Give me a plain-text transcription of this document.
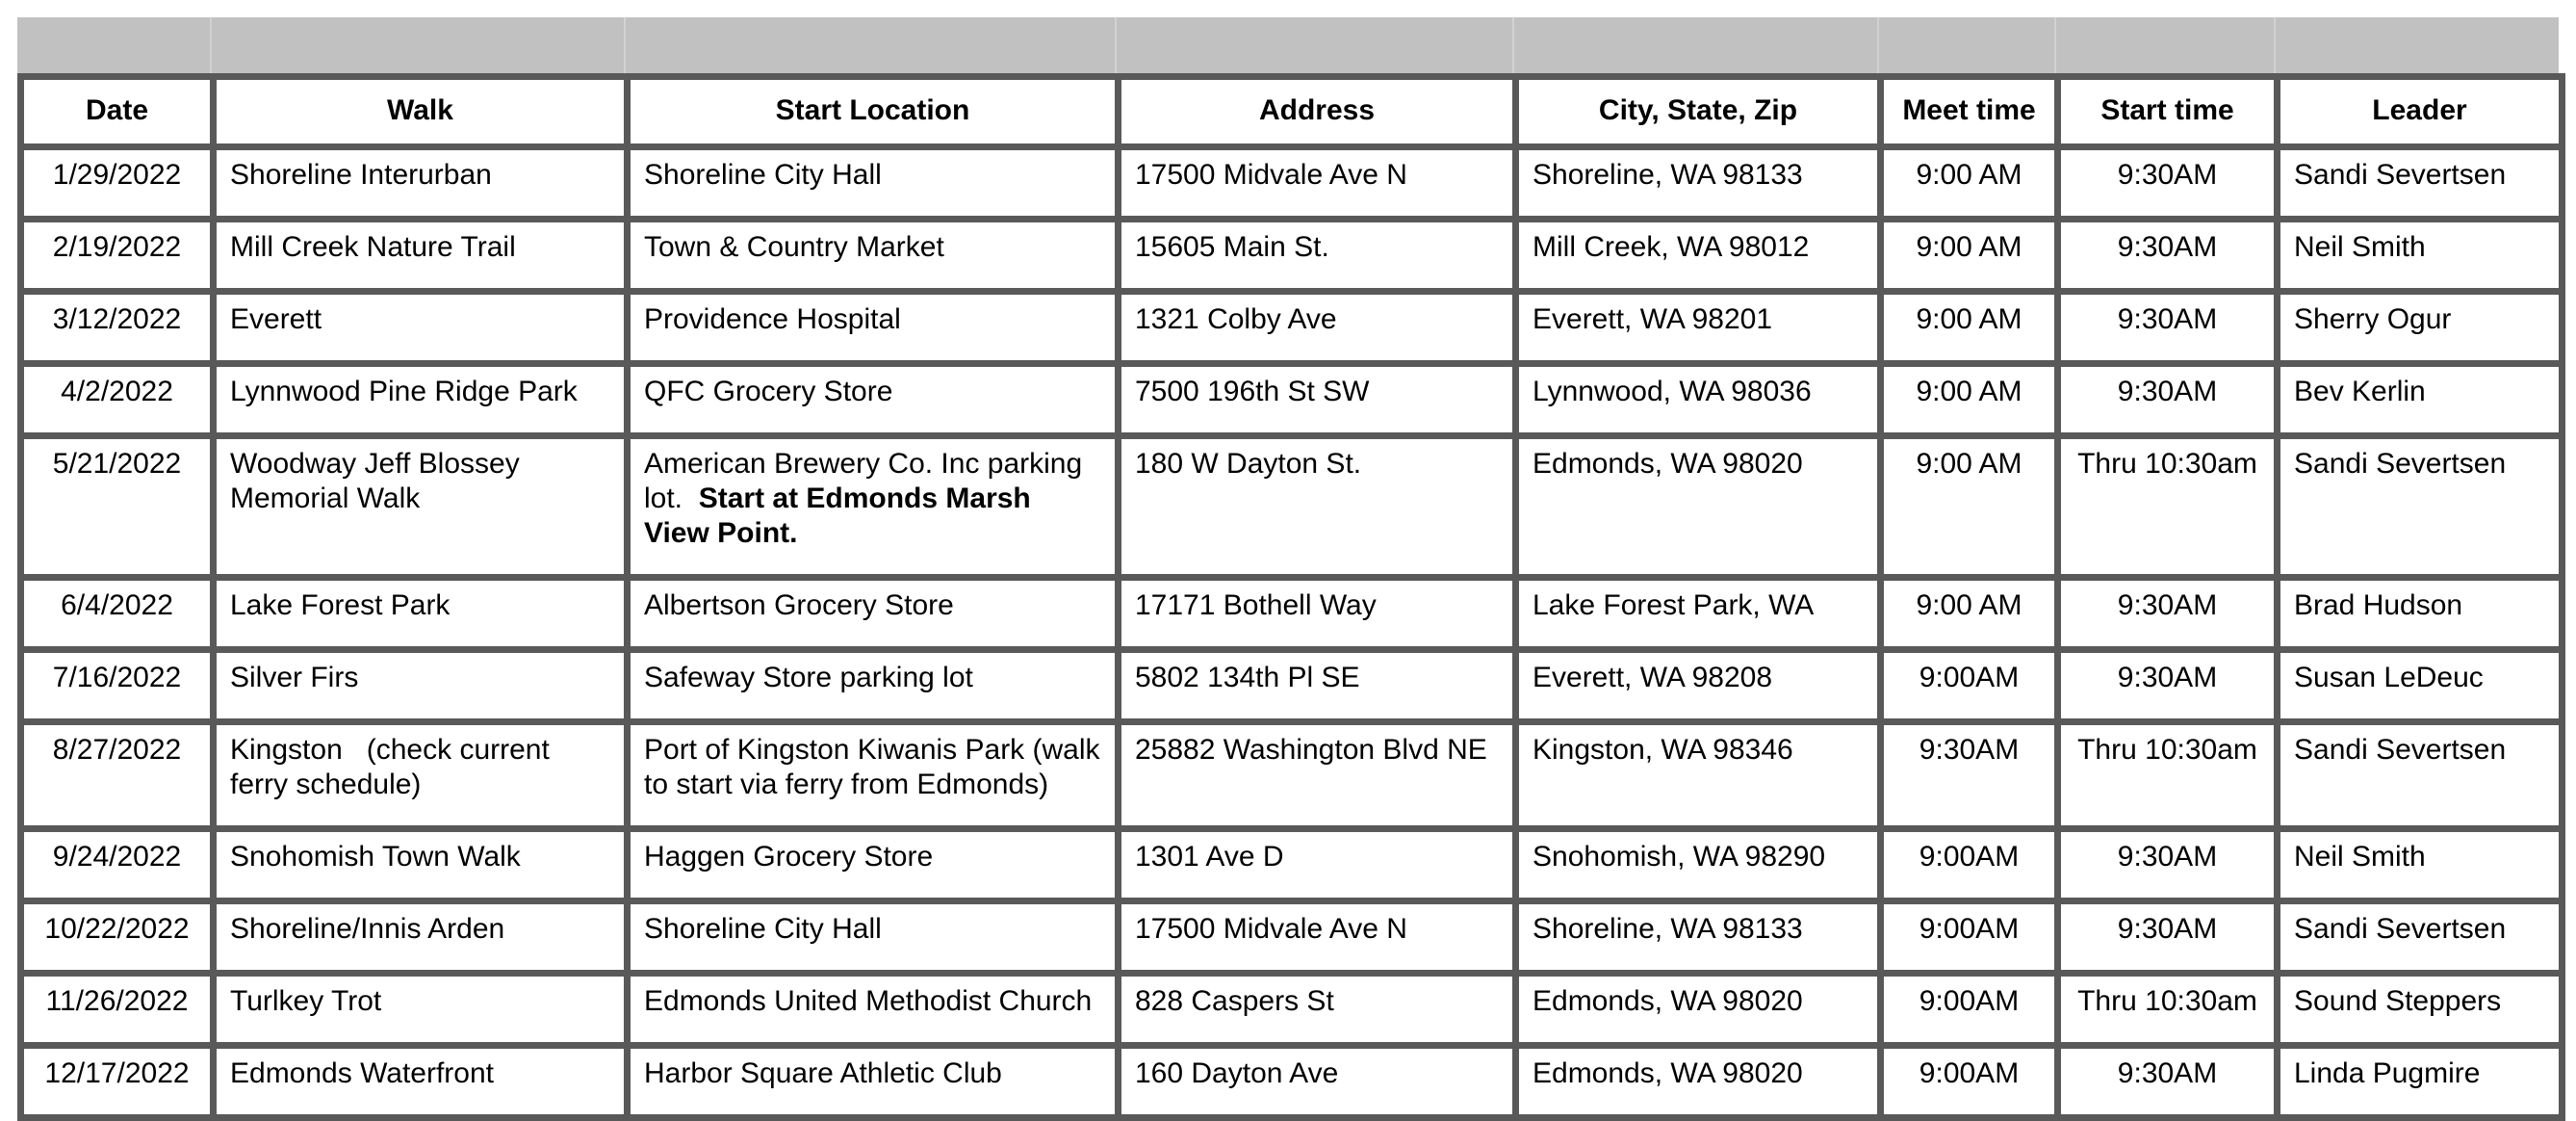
Date	Walk	Start Location	Address	City, State, Zip	Meet time	Start time	Leader
1/29/2022	Shoreline Interurban	Shoreline City Hall	17500 Midvale Ave N	Shoreline, WA 98133	9:00 AM	9:30AM	Sandi Severtsen
2/19/2022	Mill Creek Nature Trail	Town & Country Market	15605 Main St.	Mill Creek, WA 98012	9:00 AM	9:30AM	Neil Smith
3/12/2022	Everett	Providence Hospital	1321 Colby Ave	Everett, WA 98201	9:00 AM	9:30AM	Sherry Ogur
4/2/2022	Lynnwood Pine Ridge Park	QFC Grocery Store	7500 196th St SW	Lynnwood, WA 98036	9:00 AM	9:30AM	Bev Kerlin
5/21/2022	Woodway Jeff Blossey Memorial Walk	American Brewery Co. Inc parking lot.  Start at Edmonds Marsh View Point.	180 W Dayton St.	Edmonds, WA 98020	9:00 AM	Thru 10:30am	Sandi Severtsen
6/4/2022	Lake Forest Park	Albertson Grocery Store	17171 Bothell Way	Lake Forest Park, WA	9:00 AM	9:30AM	Brad Hudson
7/16/2022	Silver Firs	Safeway Store parking lot	5802 134th Pl SE	Everett, WA 98208	9:00AM	9:30AM	Susan LeDeuc
8/27/2022	Kingston   (check current ferry schedule)	Port of Kingston Kiwanis Park (walk to start via ferry from Edmonds)	25882 Washington Blvd NE	Kingston, WA 98346	9:30AM	Thru 10:30am	Sandi Severtsen
9/24/2022	Snohomish Town Walk	Haggen Grocery Store	1301 Ave D	Snohomish, WA 98290	9:00AM	9:30AM	Neil Smith
10/22/2022	Shoreline/Innis Arden	Shoreline City Hall	17500 Midvale Ave N	Shoreline, WA 98133	9:00AM	9:30AM	Sandi Severtsen
11/26/2022	Turlkey Trot	Edmonds United Methodist Church	828 Caspers St	Edmonds, WA 98020	9:00AM	Thru 10:30am	Sound Steppers
12/17/2022	Edmonds Waterfront	Harbor Square Athletic Club	160 Dayton Ave	Edmonds, WA 98020	9:00AM	9:30AM	Linda Pugmire
